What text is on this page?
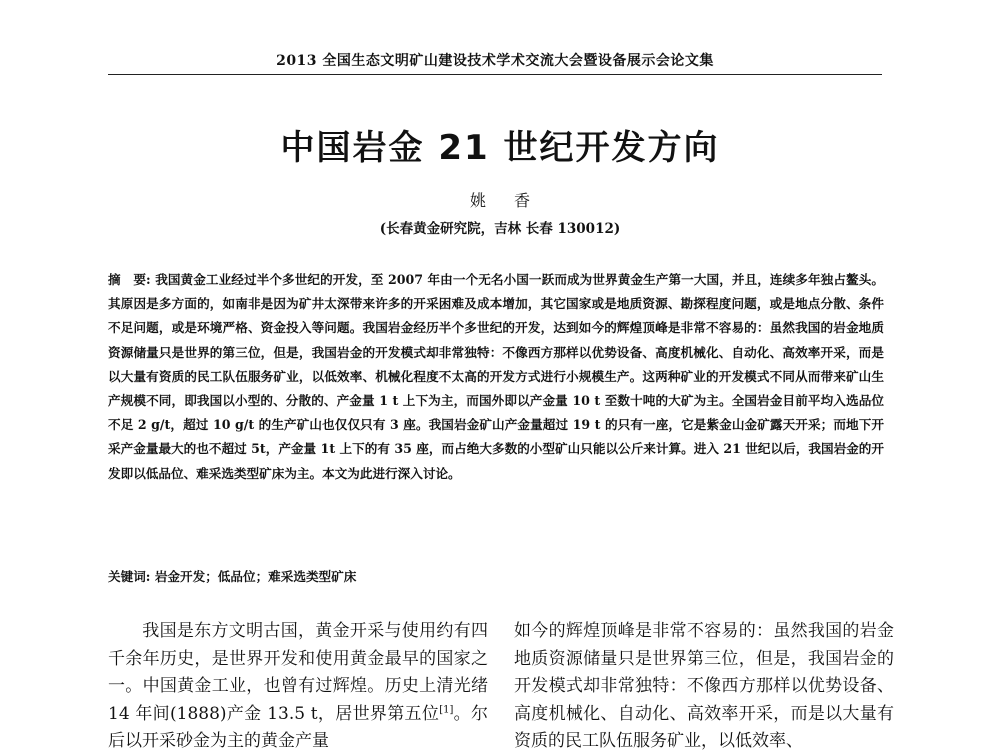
2013 全国生态文明矿山建设技术学术交流大会暨设备展示会论文集
中国岩金 21 世纪开发方向
姚香
(长春黄金研究院，吉林 长春 130012)
摘　要: 我国黄金工业经过半个多世纪的开发，至 2007 年由一个无名小国一跃而成为世界黄金生产第一大国，并且，连续多年独占鳌头。其原因是多方面的，如南非是因为矿井太深带来许多的开采困难及成本增加，其它国家或是地质资源、勘探程度问题，或是地点分散、条件不足问题，或是环境严格、资金投入等问题。我国岩金经历半个多世纪的开发，达到如今的辉煌顶峰是非常不容易的：虽然我国的岩金地质资源储量只是世界的第三位，但是，我国岩金的开发模式却非常独特：不像西方那样以优势设备、高度机械化、自动化、高效率开采，而是以大量有资质的民工队伍服务矿业，以低效率、机械化程度不太高的开发方式进行小规模生产。这两种矿业的开发模式不同从而带来矿山生产规模不同，即我国以小型的、分散的、产金量 1 t 上下为主，而国外即以产金量 10 t 至数十吨的大矿为主。全国岩金目前平均入选品位不足 2 g/t，超过 10 g/t 的生产矿山也仅仅只有 3 座。我国岩金矿山产金量超过 19 t 的只有一座，它是紫金山金矿露天开采；而地下开采产金量最大的也不超过 5t，产金量 1t 上下的有 35 座，而占绝大多数的小型矿山只能以公斤来计算。进入 21 世纪以后，我国岩金的开发即以低品位、难采选类型矿床为主。本文为此进行深入讨论。
关键词: 岩金开发；低品位；难采选类型矿床
我国是东方文明古国，黄金开采与使用约有四千余年历史，是世界开发和使用黄金最早的国家之一。中国黄金工业，也曾有过辉煌。历史上清光绪 14 年间(1888)产金 13.5 t，居世界第五位[1]。尔后以开采砂金为主的黄金产量
如今的辉煌顶峰是非常不容易的：虽然我国的岩金地质资源储量只是世界第三位，但是，我国岩金的开发模式却非常独特：不像西方那样以优势设备、高度机械化、自动化、高效率开采，而是以大量有资质的民工队伍服务矿业，以低效率、
